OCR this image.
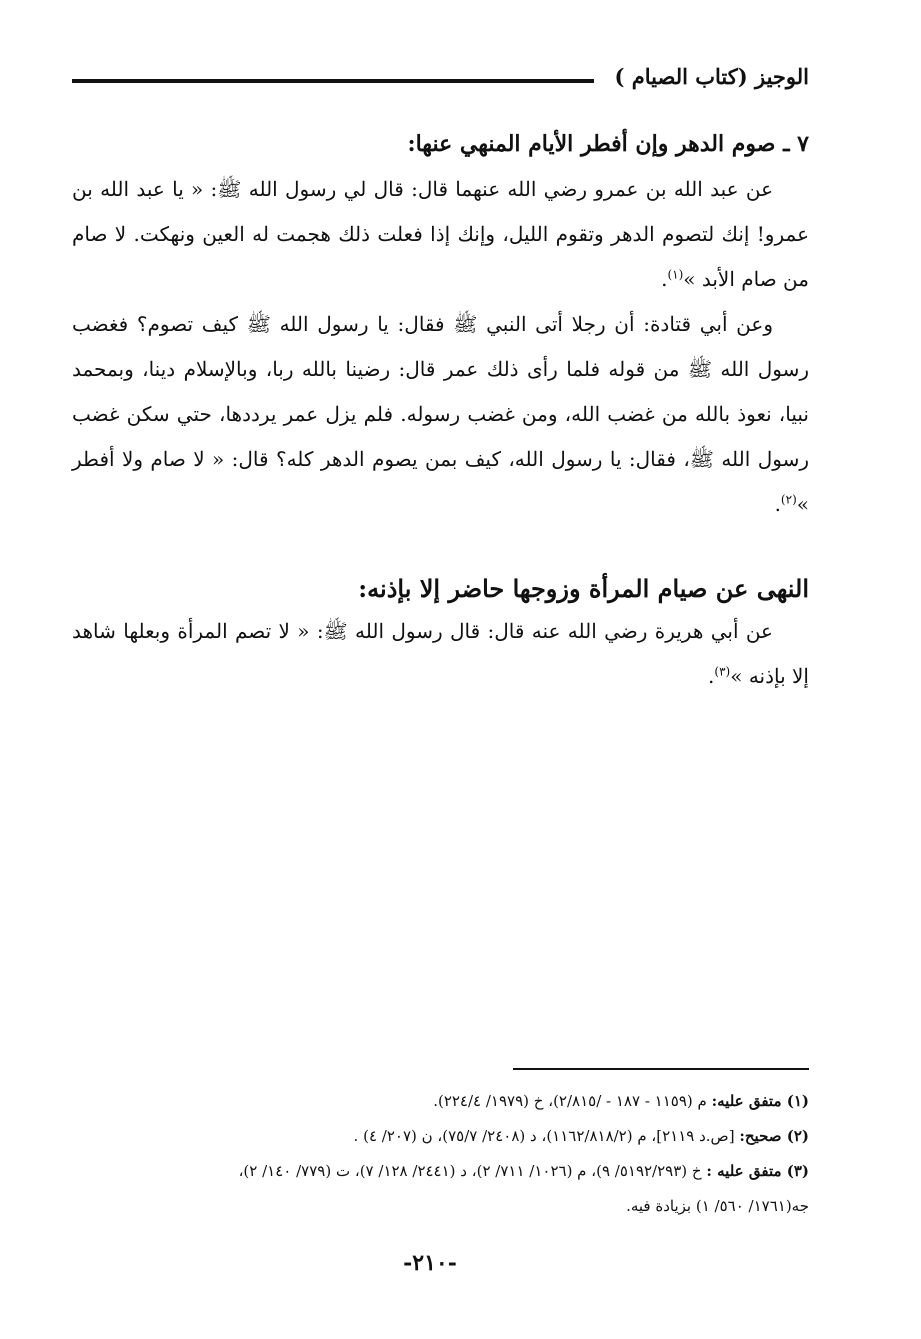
الوجيز (كتاب الصيام )
٧ ـ صوم الدهر وإن أفطر الأيام المنهي عنها:

عن عبد الله بن عمرو رضي الله عنهما قال: قال لي رسول الله ﷺ: « يا عبد الله بن عمرو! إنك لتصوم الدهر وتقوم الليل، وإنك إذا فعلت ذلك هجمت له العين ونهكت. لا صام من صام الأبد »$^{(١)}$.

وعن أبي قتادة: أن رجلا أتى النبي ﷺ فقال: يا رسول الله ﷺ كيف تصوم؟ فغضب رسول الله ﷺ من قوله فلما رأى ذلك عمر قال: رضينا بالله ربا، وبالإسلام دينا، وبمحمد نبيا، نعوذ بالله من غضب الله، ومن غضب رسوله. فلم يزل عمر يرددها، حتي سكن غضب رسول الله ﷺ، فقال: يا رسول الله، كيف بمن يصوم الدهر كله؟ قال: « لا صام ولا أفطر »$^{(٢)}$.

النهى عن صيام المرأة وزوجها حاضر إلا بإذنه:

عن أبي هريرة رضي الله عنه قال: قال رسول الله ﷺ: « لا تصم المرأة وبعلها شاهد إلا بإذنه »$^{(٣)}$.

(١) متفق عليه: م (١١٥٩ - ١٨٧ - /٢/٨١٥)، خ (١٩٧٩/ ٢٢٤/٤).

(٢) صحيح: [ص.د ٢١١٩]، م (١١٦٢/٨١٨/٢)، د (٢٤٠٨/ ٧٥/٧)، ن (٢٠٧/ ٤) .

(٣) متفق عليه : خ (٥١٩٢/٢٩٣/ ٩)، م (١٠٢٦/ ٧١١/ ٢)، د (٢٤٤١/ ١٢٨/ ٧)، ت (٧٧٩/ ١٤٠/ ٢)،

جه(١٧٦١/ ٥٦٠/ ١) بزيادة فيه.

-٢١٠-
